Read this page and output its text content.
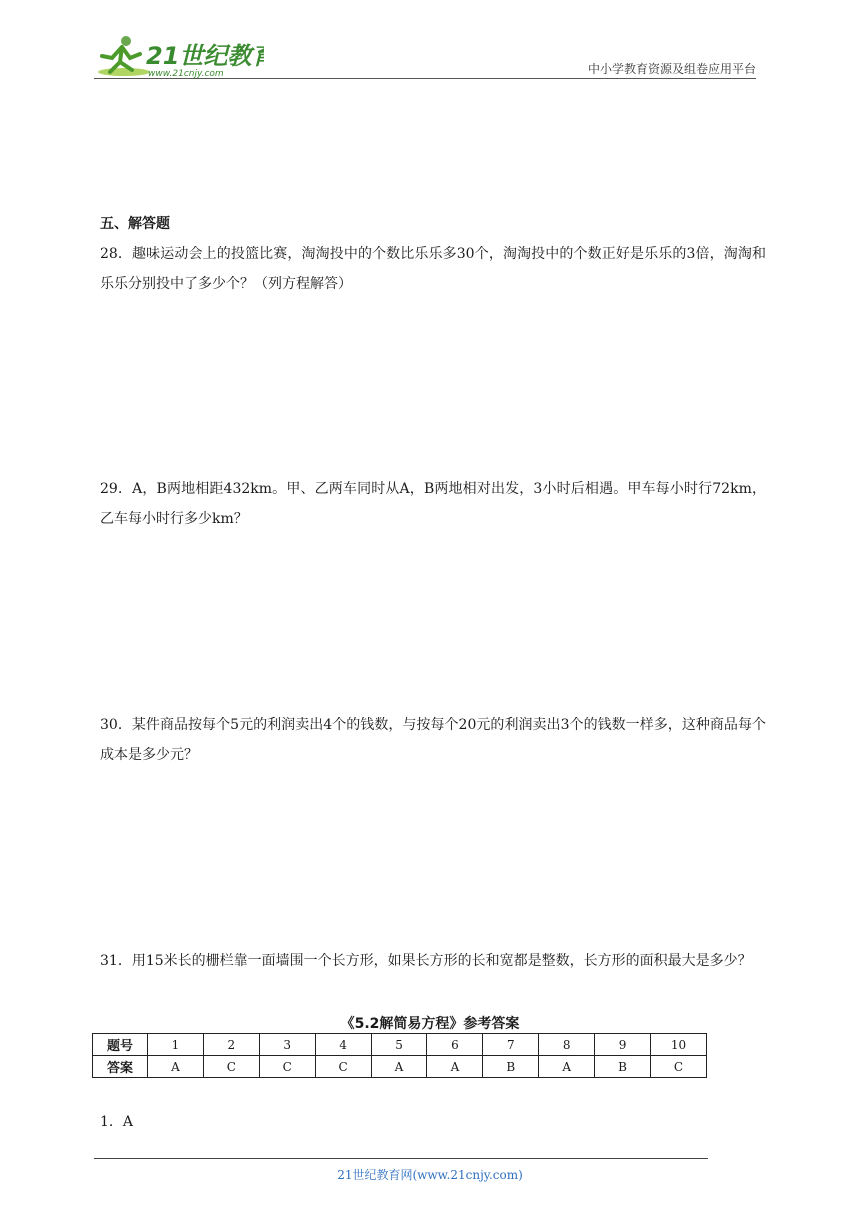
21世纪教育
www.21cnjy.com	中小学教育资源及组卷应用平台
五、解答题

28．趣味运动会上的投篮比赛，淘淘投中的个数比乐乐多30个，淘淘投中的个数正好是乐乐的3倍，淘淘和乐乐分别投中了多少个？（列方程解答）

29．A，B两地相距432km。甲、乙两车同时从A，B两地相对出发，3小时后相遇。甲车每小时行72km，乙车每小时行多少km？

30．某件商品按每个5元的利润卖出4个的钱数，与按每个20元的利润卖出3个的钱数一样多，这种商品每个成本是多少元？

31．用15米长的栅栏靠一面墙围一个长方形，如果长方形的长和宽都是整数，长方形的面积最大是多少？

《5.2解简易方程》参考答案
题号	1	2	3	4	5	6	7	8	9	10
答案	A	C	C	C	A	A	B	A	B	C
1．A
21世纪教育网(www.21cnjy.com)
